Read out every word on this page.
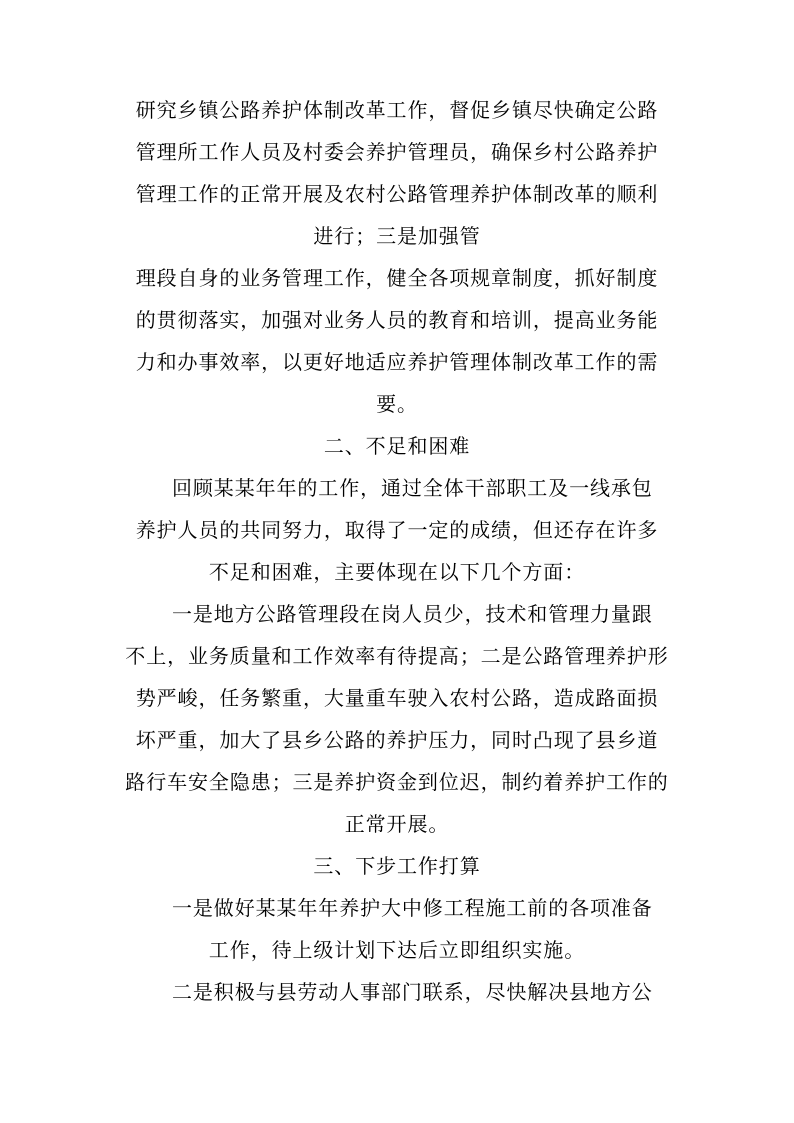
研究乡镇公路养护体制改革工作，督促乡镇尽快确定公路
管理所工作人员及村委会养护管理员，确保乡村公路养护
管理工作的正常开展及农村公路管理养护体制改革的顺利
进行；三是加强管
理段自身的业务管理工作，健全各项规章制度，抓好制度
的贯彻落实，加强对业务人员的教育和培训，提高业务能
力和办事效率，以更好地适应养护管理体制改革工作的需
要。
二、不足和困难
回顾某某年年的工作，通过全体干部职工及一线承包
养护人员的共同努力，取得了一定的成绩，但还存在许多
不足和困难，主要体现在以下几个方面：
一是地方公路管理段在岗人员少，技术和管理力量跟
不上，业务质量和工作效率有待提高；二是公路管理养护形
势严峻，任务繁重，大量重车驶入农村公路，造成路面损
坏严重，加大了县乡公路的养护压力，同时凸现了县乡道
路行车安全隐患；三是养护资金到位迟，制约着养护工作的
正常开展。
三、下步工作打算
一是做好某某年年养护大中修工程施工前的各项准备
工作，待上级计划下达后立即组织实施。
二是积极与县劳动人事部门联系，尽快解决县地方公
